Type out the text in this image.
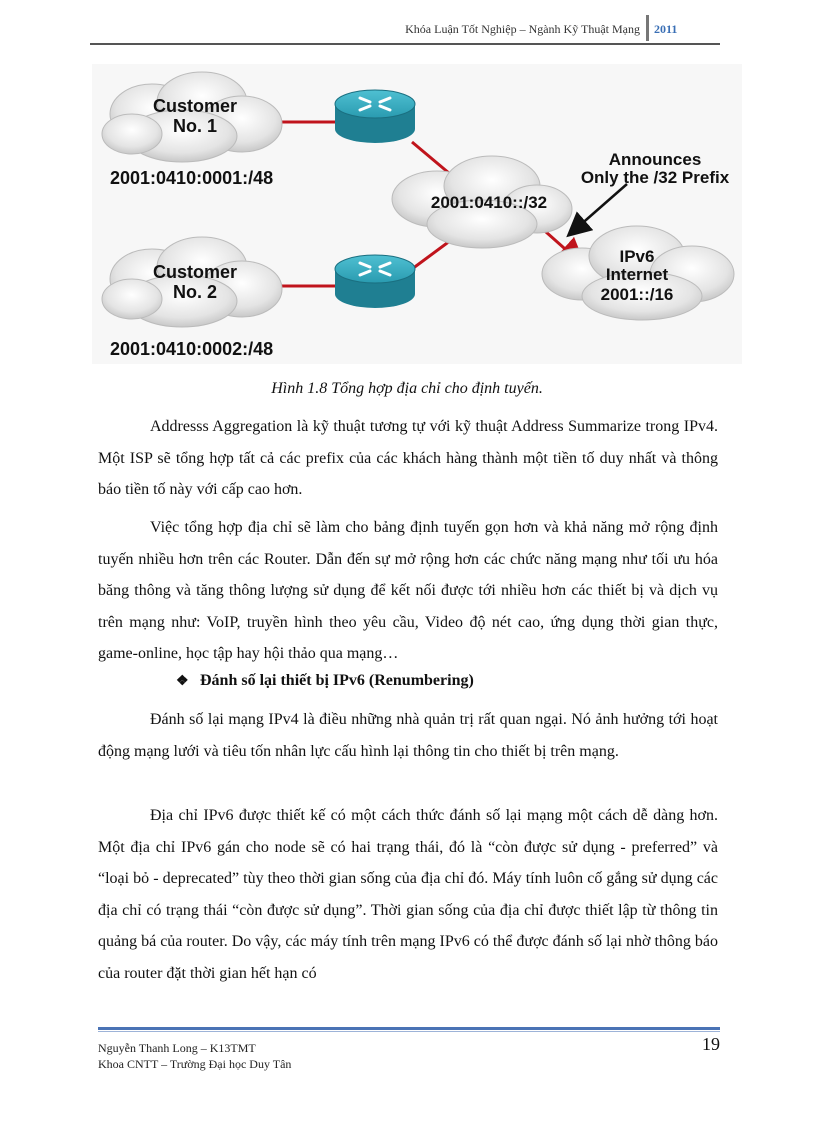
Khóa Luận Tốt Nghiệp – Ngành Kỹ Thuật Mạng 2011
Customer
No. 1
2001:0410:0001:/48
Customer
No. 2
2001:0410:0002:/48
2001:0410::/32
Announces
Only the /32 Prefix
IPv6
Internet
2001::/16
Hình 1.8 Tổng hợp địa chỉ cho định tuyến.

Addresss Aggregation là kỹ thuật tương tự với kỹ thuật Address Summarize trong IPv4. Một ISP sẽ tổng hợp tất cả các prefix của các khách hàng thành một tiền tố duy nhất và thông báo tiền tố này với cấp cao hơn.

Việc tổng hợp địa chỉ sẽ làm cho bảng định tuyến gọn hơn và khả năng mở rộng định tuyến nhiều hơn trên các Router. Dẫn đến sự mở rộng hơn các chức năng mạng như tối ưu hóa băng thông và tăng thông lượng sử dụng để kết nối được tới nhiều hơn các thiết bị và dịch vụ trên mạng như: VoIP, truyền hình theo yêu cầu, Video độ nét cao, ứng dụng thời gian thực, game-online, học tập hay hội thảo qua mạng…

❖ Đánh số lại thiết bị IPv6 (Renumbering)

Đánh số lại mạng IPv4 là điều những nhà quản trị rất quan ngại. Nó ảnh hưởng tới hoạt động mạng lưới và tiêu tốn nhân lực cấu hình lại thông tin cho thiết bị trên mạng.

Địa chỉ IPv6 được thiết kế có một cách thức đánh số lại mạng một cách dễ dàng hơn. Một địa chỉ IPv6 gán cho node sẽ có hai trạng thái, đó là “còn được sử dụng - preferred” và “loại bỏ - deprecated” tùy theo thời gian sống của địa chỉ đó. Máy tính luôn cố gắng sử dụng các địa chỉ có trạng thái “còn được sử dụng”. Thời gian sống của địa chỉ được thiết lập từ thông tin quảng bá của router. Do vậy, các máy tính trên mạng IPv6 có thể được đánh số lại nhờ thông báo của router đặt thời gian hết hạn có

19
Nguyễn Thanh Long – K13TMT
Khoa CNTT – Trường Đại học Duy Tân
